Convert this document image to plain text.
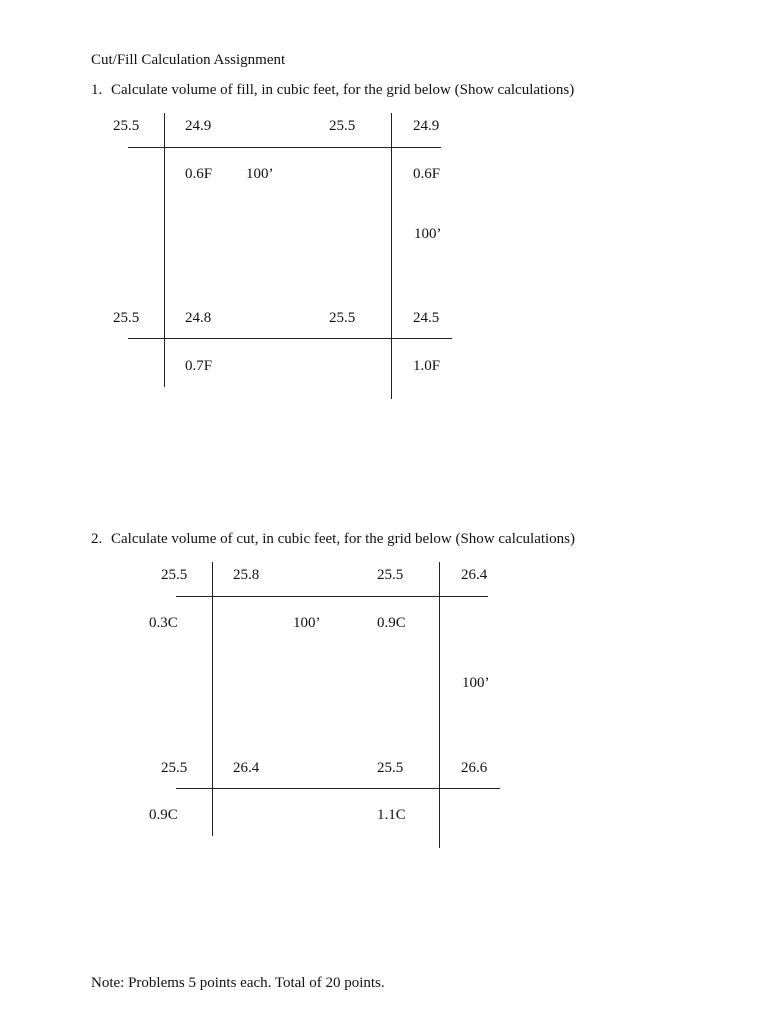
Cut/Fill Calculation Assignment
1. Calculate volume of fill, in cubic feet, for the grid below (Show calculations)
25.5	24.9	25.5	24.9
0.6F 100’	0.6F
100’
25.5	24.8	25.5	24.5
0.7F	1.0F
2. Calculate volume of cut, in cubic feet, for the grid below (Show calculations)
25.5	25.8	25.5	26.4
0.3C	100’	0.9C
100’
25.5	26.4	25.5	26.6
0.9C	1.1C
Note: Problems 5 points each. Total of 20 points.
